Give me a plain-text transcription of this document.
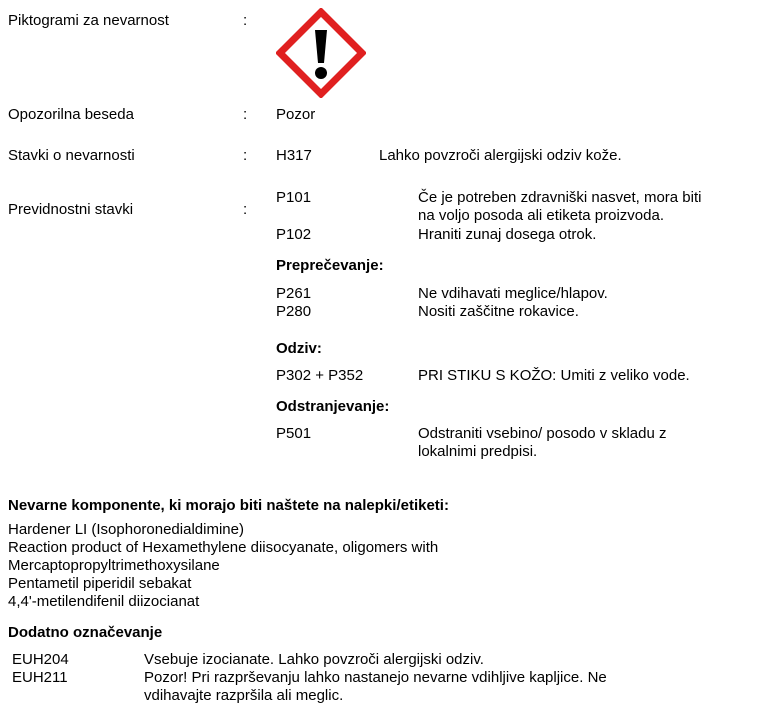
Piktogrami za nevarnost	:
Opozorilna beseda	: Pozor
Stavki o nevarnosti	: H317	Lahko povzroči alergijski odziv kože.
Previdnostni stavki	:
P101	Če je potreben zdravniški nasvet, mora biti
na voljo posoda ali etiketa proizvoda.
P102	Hraniti zunaj dosega otrok.
Preprečevanje:
P261	Ne vdihavati meglice/hlapov.
P280	Nositi zaščitne rokavice.
Odziv:
P302 + P352	PRI STIKU S KOŽO: Umiti z veliko vode.
Odstranjevanje:
P501	Odstraniti vsebino/ posodo v skladu z
lokalnimi predpisi.
Nevarne komponente, ki morajo biti naštete na nalepki/etiketi:
Hardener LI (Isophoronedialdimine)
Reaction product of Hexamethylene diisocyanate, oligomers with
Mercaptopropyltrimethoxysilane
Pentametil piperidil sebakat
4,4'-metilendifenil diizocianat
Dodatno označevanje
EUH204	Vsebuje izocianate. Lahko povzroči alergijski odziv.
EUH211	Pozor! Pri razprševanju lahko nastanejo nevarne vdihljive kapljice. Ne
vdihavajte razpršila ali meglic.
